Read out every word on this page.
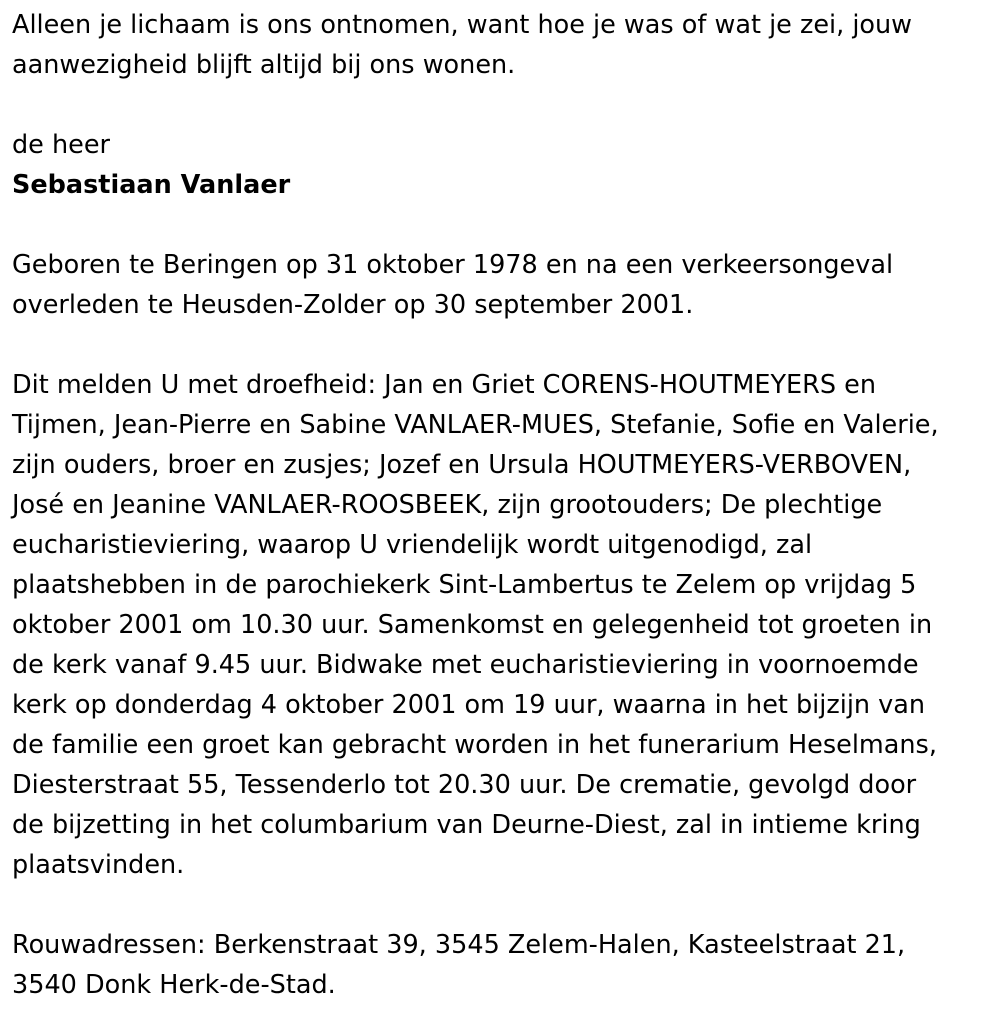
Alleen je lichaam is ons ontnomen, want hoe je was of wat je zei, jouw
aanwezigheid blijft altijd bij ons wonen.

de heer

Sebastiaan Vanlaer

Geboren te Beringen op 31 oktober 1978 en na een verkeersongeval
overleden te Heusden-Zolder op 30 september 2001.

Dit melden U met droefheid: Jan en Griet CORENS-HOUTMEYERS en
Tijmen, Jean-Pierre en Sabine VANLAER-MUES, Stefanie, Sofie en Valerie,
zijn ouders, broer en zusjes; Jozef en Ursula HOUTMEYERS-VERBOVEN,
José en Jeanine VANLAER-ROOSBEEK, zijn grootouders; De plechtige
eucharistieviering, waarop U vriendelijk wordt uitgenodigd, zal
plaatshebben in de parochiekerk Sint-Lambertus te Zelem op vrijdag 5
oktober 2001 om 10.30 uur. Samenkomst en gelegenheid tot groeten in
de kerk vanaf 9.45 uur. Bidwake met eucharistieviering in voornoemde
kerk op donderdag 4 oktober 2001 om 19 uur, waarna in het bijzijn van
de familie een groet kan gebracht worden in het funerarium Heselmans,
Diesterstraat 55, Tessenderlo tot 20.30 uur. De crematie, gevolgd door
de bijzetting in het columbarium van Deurne-Diest, zal in intieme kring
plaatsvinden.

Rouwadressen: Berkenstraat 39, 3545 Zelem-Halen, Kasteelstraat 21,
3540 Donk Herk-de-Stad.
